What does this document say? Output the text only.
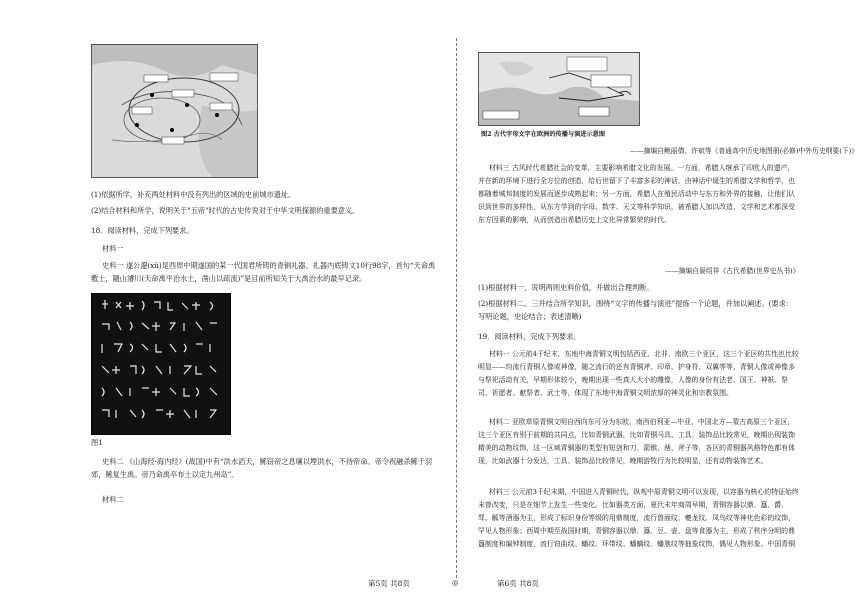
(1)依据所学，补充两处材料中没有列出的区域的史前城市遗址。
(2)结合材料和所学，说明关于"五帝"时代的古史传说对于中华文明探源的重要意义。
18．阅读材料，完成下列要求。
材料一
史料一 遂公盨(xǔ)是西周中期遂国的某一代国君所铸的青铜礼器。礼器内底铸文10行98字，首句“天命禹敷土，隨山濬川(天命禹平治水土，凿山以疏流)”是目前所知关于大禹治水的最早记录。
图1
史料二 《山海经·海内经》(战国)中有“洪水滔天，鲧窃帝之息壤以堙洪水，不待帝命。帝令祝融杀鲧于羽郊，鲧复生禹。帝乃命禹卒布土以定九州岛”。
材料二
图2 古代字母文字在欧洲的传播与演进示意图
——摘编自鲍丽倩、许斌等《普通高中历史地图册(必修)中外历史纲要(下)》
材料三 古风时代希腊社会的变革，主要影响希腊文化的发展。一方面，希腊人继承了印欧人的遗产，并在新的环境下进行全方位的创造，给后世留下了丰富多彩的神话，由神话中诞生的希腊文学和哲学，也都随着城邦制度的发展而逐步成熟起来；另一方面，希腊人在殖民活动中与东方和外界的接触，让他们认识到世界的多样性，从东方学到的字母、数学、天文等科学知识，被希腊人加以改造、文学和艺术都深受东方因素的影响，从而创造出希腊历史上文化异常繁荣的时代。
——摘编自晏绍祥《古代希腊(世界史丛书)》
(1)根据材料一，说明两则史料价值，并做出合理判断。
(2)根据材料二、三并结合所学知识，围绕“文字的传播与演进”提炼一个论题，并加以阐述。(要求：写明论题，史论结合；表述清晰)
19．阅读材料，完成下列要求。
材料一 公元前4千纪末，东地中海青铜文明包括西亚、北非、南欧三个亚区，这三个亚区的共性也比较明显——均流行青铜人像或神像，随之流行的还有青铜斧、印章、护身符、双翼等等，青铜人像或神像多与祭祀活动有关，早期形体较小，晚期出现一些真人大小的雕像，人像的身份有法老、国王、神祇、祭司、祈愿者、献祭者、武士等，体现了东地中海青铜文明浓厚的神灵化和宗教氛围。
材料二 亚欧草原青铜文明自西向东可分为东欧、南西伯利亚—中亚、中国北方—蒙古高原三个亚区，这三个亚区有别于前期的共同点，比如青铜武器，比如青铜马具、工具、装饰品比较常见，晚期出现装饰精美的动物纹饰，这一区域青铜器的类型有短剑和刀、箭镞、凿、斧子等，各区的青铜器风格特色都有体现，比如武器十分发达，工具、装饰品比较常见，晚期游牧行为比较明显，还有动物装饰艺术。
材料三 公元前3千纪末期，中国进入青铜时代，纵观中原青铜文明可以发现，以容器为核心的特征始终未曾改变，只是在细节上发生一些变化。比如器类方面，夏代末年商周早期，青铜容器以鼎、簋、爵、斝、觚等酒器为主，形成了标识身份等级的用鼎制度，流行兽面纹、夔龙纹、凤鸟纹等神化色彩的纹饰，罕见人物形象；西周中期至战国时期，青铜容器以鼎、簋、豆、壶、盘等食器为主，形成了秩序分明的鼎簋制度和编钟制度，流行窃曲纹、蟠纹、环带纹、蟠螭纹、蟠虺纹等抽象纹饰，偶见人物形象。中国青铜
第5页 共8页	◎	第6页 共8页
